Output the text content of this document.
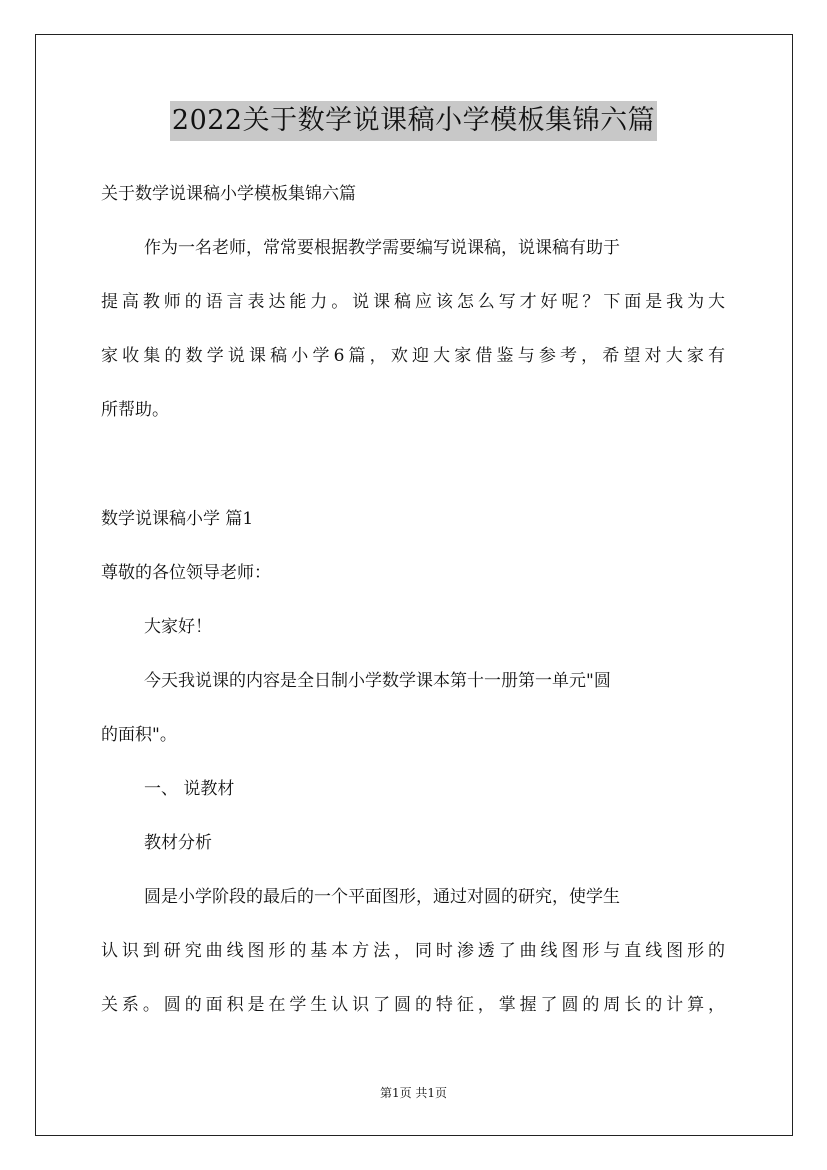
2022关于数学说课稿小学模板集锦六篇
关于数学说课稿小学模板集锦六篇
作为一名老师，常常要根据教学需要编写说课稿，说课稿有助于
提高教师的语言表达能力。说课稿应该怎么写才好呢？下面是我为大
家收集的数学说课稿小学6篇，欢迎大家借鉴与参考，希望对大家有
所帮助。
数学说课稿小学 篇1
尊敬的各位领导老师：
大家好！
今天我说课的内容是全日制小学数学课本第十一册第一单元"圆
的面积"。
一、 说教材
教材分析
圆是小学阶段的最后的一个平面图形，通过对圆的研究，使学生
认识到研究曲线图形的基本方法，同时渗透了曲线图形与直线图形的
关系。圆的面积是在学生认识了圆的特征，掌握了圆的周长的计算，
第1页 共1页
